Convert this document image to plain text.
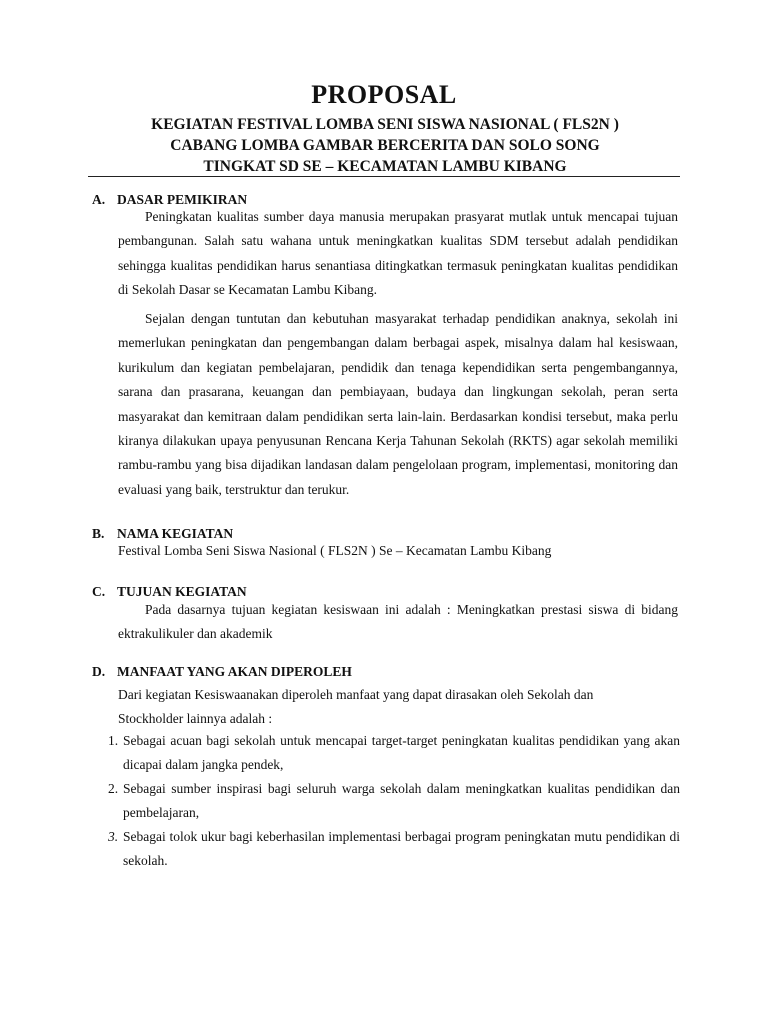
PROPOSAL
KEGIATAN FESTIVAL LOMBA SENI SISWA NASIONAL ( FLS2N )
CABANG LOMBA GAMBAR BERCERITA DAN SOLO SONG
TINGKAT SD SE – KECAMATAN LAMBU KIBANG
A. DASAR PEMIKIRAN
Peningkatan kualitas sumber daya manusia merupakan prasyarat mutlak untuk mencapai tujuan pembangunan. Salah satu wahana untuk meningkatkan kualitas SDM tersebut adalah pendidikan sehingga kualitas pendidikan harus senantiasa ditingkatkan termasuk peningkatan kualitas pendidikan di Sekolah Dasar se Kecamatan Lambu Kibang.
Sejalan dengan tuntutan dan kebutuhan masyarakat terhadap pendidikan anaknya, sekolah ini memerlukan peningkatan dan pengembangan dalam berbagai aspek, misalnya dalam hal kesiswaan, kurikulum dan kegiatan pembelajaran, pendidik dan tenaga kependidikan serta pengembangannya, sarana dan prasarana, keuangan dan pembiayaan, budaya dan lingkungan sekolah, peran serta masyarakat dan kemitraan dalam pendidikan serta lain-lain. Berdasarkan kondisi tersebut, maka perlu kiranya dilakukan upaya penyusunan Rencana Kerja Tahunan Sekolah (RKTS) agar sekolah memiliki rambu-rambu yang bisa dijadikan landasan dalam pengelolaan program, implementasi, monitoring dan evaluasi yang baik, terstruktur dan terukur.
B. NAMA KEGIATAN
Festival Lomba Seni Siswa Nasional ( FLS2N ) Se – Kecamatan Lambu Kibang
C. TUJUAN KEGIATAN
Pada dasarnya tujuan kegiatan kesiswaan ini adalah : Meningkatkan prestasi siswa di bidang ektrakulikuler dan akademik
D. MANFAAT YANG AKAN DIPEROLEH
Dari kegiatan Kesiswaanakan diperoleh manfaat yang dapat dirasakan oleh Sekolah dan
Stockholder lainnya adalah :
1. Sebagai acuan bagi sekolah untuk mencapai target-target peningkatan kualitas pendidikan yang akan dicapai dalam jangka pendek,
2. Sebagai sumber inspirasi bagi seluruh warga sekolah dalam meningkatkan kualitas pendidikan dan pembelajaran,
3. Sebagai tolok ukur bagi keberhasilan implementasi berbagai program peningkatan mutu pendidikan di sekolah.
